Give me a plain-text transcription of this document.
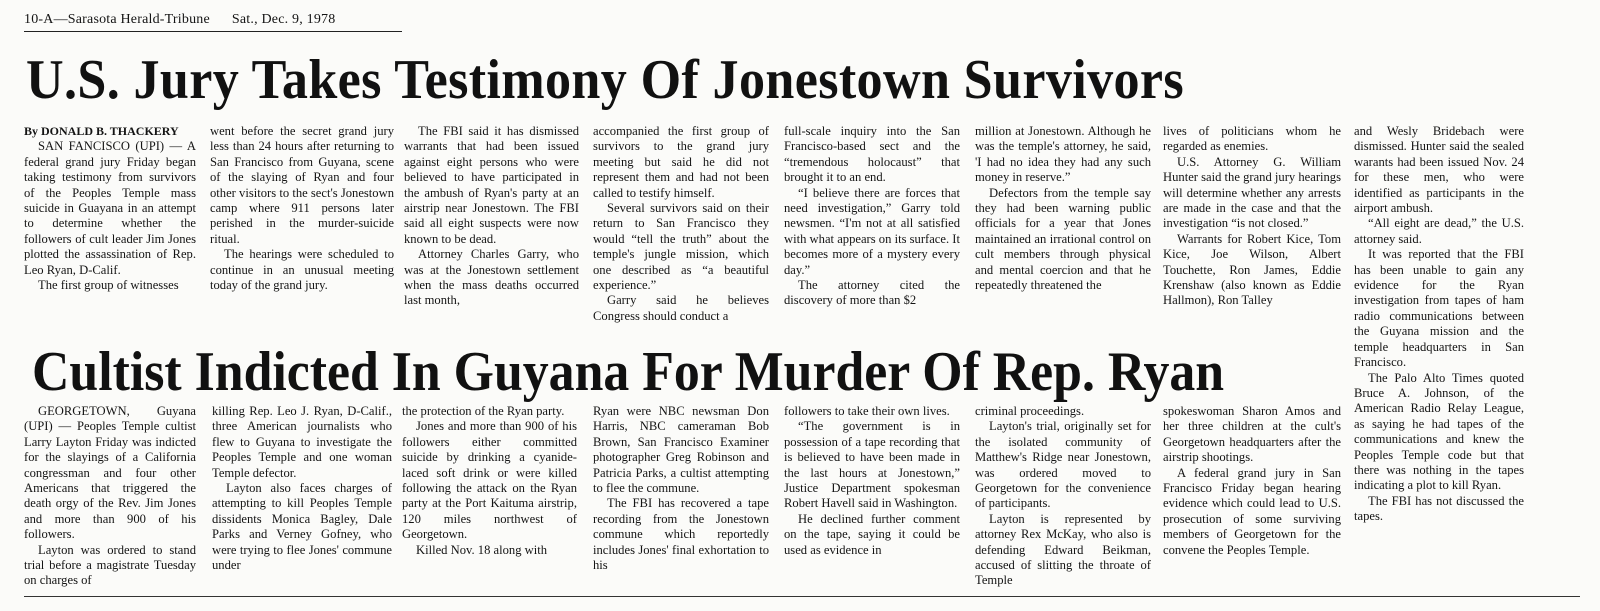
10-A—Sarasota Herald-Tribune Sat., Dec. 9, 1978
U.S. Jury Takes Testimony Of Jonestown Survivors
By DONALD B. THACKERY

SAN FANCISCO (UPI) — A federal grand jury Friday began taking testimony from survivors of the Peoples Temple mass suicide in Guayana in an attempt to determine whether the followers of cult leader Jim Jones plotted the assassination of Rep. Leo Ryan, D-Calif.

The first group of witnesses

went before the secret grand jury less than 24 hours after returning to San Francisco from Guyana, scene of the slaying of Ryan and four other visitors to the sect's Jonestown camp where 911 persons later perished in the murder-suicide ritual.

The hearings were scheduled to continue in an unusual meeting today of the grand jury.

The FBI said it has dismissed warrants that had been issued against eight persons who were believed to have participated in the ambush of Ryan's party at an airstrip near Jonestown. The FBI said all eight suspects were now known to be dead.

Attorney Charles Garry, who was at the Jonestown settlement when the mass deaths occurred last month,

accompanied the first group of survivors to the grand jury meeting but said he did not represent them and had not been called to testify himself.

Several survivors said on their return to San Francisco they would “tell the truth” about the temple's jungle mission, which one described as “a beautiful experience.”

Garry said he believes Congress should conduct a

full-scale inquiry into the San Francisco-based sect and the “tremendous holocaust” that brought it to an end.

“I believe there are forces that need investigation,” Garry told newsmen. “I'm not at all satisfied with what appears on its surface. It becomes more of a mystery every day.”

The attorney cited the discovery of more than $2

million at Jonestown. Although he was the temple's attorney, he said, 'I had no idea they had any such money in reserve.”

Defectors from the temple say they had been warning public officials for a year that Jones maintained an irrational control on cult members through physical and mental coercion and that he repeatedly threatened the

lives of politicians whom he regarded as enemies.

U.S. Attorney G. William Hunter said the grand jury hearings will determine whether any arrests are made in the case and that the investigation “is not closed.”

Warrants for Robert Kice, Tom Kice, Joe Wilson, Albert Touchette, Ron James, Eddie Krenshaw (also known as Eddie Hallmon), Ron Talley

and Wesly Bridebach were dismissed. Hunter said the sealed warants had been issued Nov. 24 for these men, who were identified as participants in the airport ambush.

“All eight are dead,” the U.S. attorney said.

It was reported that the FBI has been unable to gain any evidence for the Ryan investigation from tapes of ham radio communications between the Guyana mission and the temple headquarters in San Francisco.

The Palo Alto Times quoted Bruce A. Johnson, of the American Radio Relay League, as saying he had tapes of the communications and knew the Peoples Temple code but that there was nothing in the tapes indicating a plot to kill Ryan.

The FBI has not discussed the tapes.

Cultist Indicted In Guyana For Murder Of Rep. Ryan

GEORGETOWN, Guyana (UPI) — Peoples Temple cultist Larry Layton Friday was indicted for the slayings of a California congressman and four other Americans that triggered the death orgy of the Rev. Jim Jones and more than 900 of his followers.

Layton was ordered to stand trial before a magistrate Tuesday on charges of

killing Rep. Leo J. Ryan, D-Calif., three American journalists who flew to Guyana to investigate the Peoples Temple and one woman Temple defector.

Layton also faces charges of attempting to kill Peoples Temple dissidents Monica Bagley, Dale Parks and Verney Gofney, who were trying to flee Jones' commune under

the protection of the Ryan party.

Jones and more than 900 of his followers either committed suicide by drinking a cyanide-laced soft drink or were killed following the attack on the Ryan party at the Port Kaituma airstrip, 120 miles northwest of Georgetown.

Killed Nov. 18 along with

Ryan were NBC newsman Don Harris, NBC cameraman Bob Brown, San Francisco Examiner photographer Greg Robinson and Patricia Parks, a cultist attempting to flee the commune.

The FBI has recovered a tape recording from the Jonestown commune which reportedly includes Jones' final exhortation to his

followers to take their own lives.

“The government is in possession of a tape recording that is believed to have been made in the last hours at Jonestown,” Justice Department spokesman Robert Havell said in Washington.

He declined further comment on the tape, saying it could be used as evidence in

criminal proceedings.

Layton's trial, originally set for the isolated community of Matthew's Ridge near Jonestown, was ordered moved to Georgetown for the convenience of participants.

Layton is represented by attorney Rex McKay, who also is defending Edward Beikman, accused of slitting the throate of Temple

spokeswoman Sharon Amos and her three children at the cult's Georgetown headquarters after the airstrip shootings.

A federal grand jury in San Francisco Friday began hearing evidence which could lead to U.S. prosecution of some surviving members of Georgetown for the convene the Peoples Temple.
